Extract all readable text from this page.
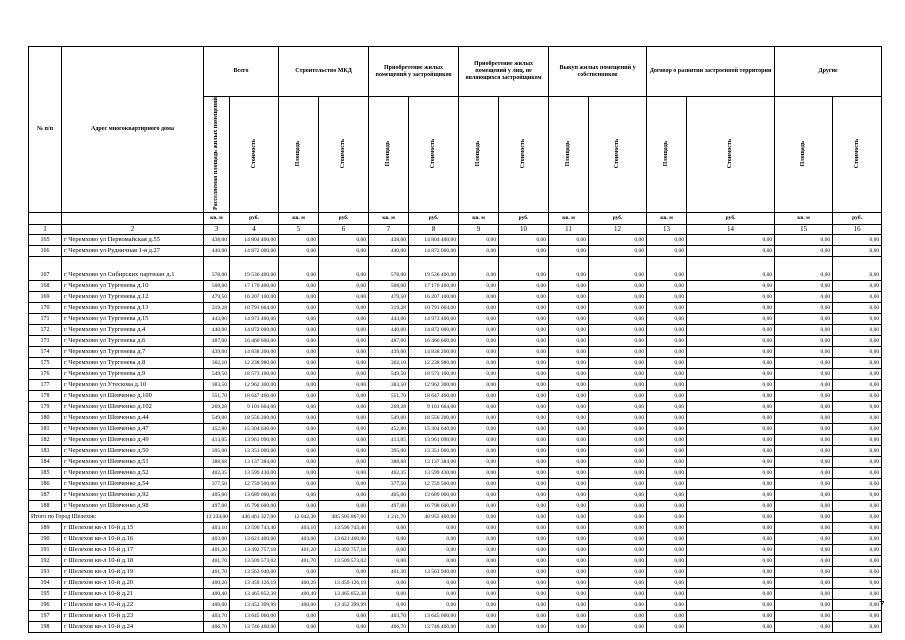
№ п/п	Адрес многоквартирного дома	Всего		Строительство МКД		Приобретение жилых помещений у застройщиков		Приобретение жилых помещений у лиц, не являющихся застройщиком		Выкуп жилых помещений у собственников		Договор о развитии застроенной территории		Другие	
		Расселяемая площадь жилых помещений	Стоимость	Площадь	Стоимость	Площадь	Стоимость	Площадь	Стоимость	Площадь	Стоимость	Площадь	Стоимость	Площадь	Стоимость
		кв. м	руб.	кв. м	руб.	кв. м	руб.	кв. м	руб.	кв. м	руб.	кв. м	руб.	кв. м	руб.
1	2	3	4	5	6	7	8	9	10	11	12	13	14	15	16
165	г Черемхово ул Первомайская д.55	438,00	14 804 400,00	0,00	0,00	438,00	14 804 400,00	0,00	0,00	0,00	0,00	0,00	0,00	0,00	0,00
166	г Черемхово ул Рудничная 1-я д.27	440,00	14 872 000,00	0,00	0,00	440,00	14 872 000,00	0,00	0,00	0,00	0,00	0,00	0,00	0,00	0,00
167	г Черемхово ул Сибирских партизан д.1	578,00	19 536 400,00	0,00	0,00	578,00	19 536 400,00	0,00	0,00	0,00	0,00	0,00	0,00	0,00	0,00
168	г Черемхово ул Тургенева д.10	508,00	17 170 400,00	0,00	0,00	508,00	17 170 400,00	0,00	0,00	0,00	0,00	0,00	0,00	0,00	0,00
169	г Черемхово ул Тургенева д.12	479,50	16 207 100,00	0,00	0,00	479,50	16 207 100,00	0,00	0,00	0,00	0,00	0,00	0,00	0,00	0,00
170	г Черемхово ул Тургенева д.13	319,28	10 791 664,00	0,00	0,00	319,28	10 791 664,00	0,00	0,00	0,00	0,00	0,00	0,00	0,00	0,00
171	г Черемхово ул Тургенева д.15	443,00	14 973 400,00	0,00	0,00	443,00	14 973 400,00	0,00	0,00	0,00	0,00	0,00	0,00	0,00	0,00
172	г Черемхово ул Тургенева д.4	440,00	14 872 000,00	0,00	0,00	440,00	14 872 000,00	0,00	0,00	0,00	0,00	0,00	0,00	0,00	0,00
173	г Черемхово ул Тургенева д.6	487,00	16 460 600,00	0,00	0,00	487,00	16 460 600,00	0,00	0,00	0,00	0,00	0,00	0,00	0,00	0,00
174	г Черемхово ул Тургенева д.7	439,00	14 838 200,00	0,00	0,00	439,00	14 838 200,00	0,00	0,00	0,00	0,00	0,00	0,00	0,00	0,00
175	г Черемхово ул Тургенева д.8	362,10	12 238 980,00	0,00	0,00	362,10	12 238 980,00	0,00	0,00	0,00	0,00	0,00	0,00	0,00	0,00
176	г Черемхово ул Тургенева д.9	549,50	18 573 100,00	0,00	0,00	549,50	18 573 100,00	0,00	0,00	0,00	0,00	0,00	0,00	0,00	0,00
177	г Черемхово ул Утескова д.10	383,50	12 962 300,00	0,00	0,00	383,50	12 962 300,00	0,00	0,00	0,00	0,00	0,00	0,00	0,00	0,00
178	г Черемхово ул Шевченко д.100	551,70	18 647 460,00	0,00	0,00	551,70	18 647 460,00	0,00	0,00	0,00	0,00	0,00	0,00	0,00	0,00
179	г Черемхово ул Шевченко д.102	269,28	9 101 664,00	0,00	0,00	269,28	9 101 664,00	0,00	0,00	0,00	0,00	0,00	0,00	0,00	0,00
180	г Черемхово ул Шевченко д.44	549,00	18 556 200,00	0,00	0,00	549,00	18 556 200,00	0,00	0,00	0,00	0,00	0,00	0,00	0,00	0,00
181	г Черемхово ул Шевченко д.47	452,80	15 304 640,00	0,00	0,00	452,80	15 304 640,00	0,00	0,00	0,00	0,00	0,00	0,00	0,00	0,00
182	г Черемхово ул Шевченко д.49	413,05	13 961 090,00	0,00	0,00	413,05	13 961 090,00	0,00	0,00	0,00	0,00	0,00	0,00	0,00	0,00
183	г Черемхово ул Шевченко д.50	395,00	13 351 000,00	0,00	0,00	395,00	13 351 000,00	0,00	0,00	0,00	0,00	0,00	0,00	0,00	0,00
184	г Черемхово ул Шевченко д.51	388,68	13 137 384,00	0,00	0,00	388,68	13 137 384,00	0,00	0,00	0,00	0,00	0,00	0,00	0,00	0,00
185	г Черемхово ул Шевченко д.52	402,35	13 599 430,00	0,00	0,00	402,35	13 599 430,00	0,00	0,00	0,00	0,00	0,00	0,00	0,00	0,00
186	г Черемхово ул Шевченко д.54	377,50	12 759 500,00	0,00	0,00	377,50	12 759 500,00	0,00	0,00	0,00	0,00	0,00	0,00	0,00	0,00
187	г Черемхово ул Шевченко д.92	405,00	13 689 000,00	0,00	0,00	405,00	13 689 000,00	0,00	0,00	0,00	0,00	0,00	0,00	0,00	0,00
188	г Черемхово ул Шевченко д.98	497,00	16 798 600,00	0,00	0,00	497,00	16 798 600,00	0,00	0,00	0,00	0,00	0,00	0,00	0,00	0,00
Итого по Город Шелехов:		13 234,00	446 461 327,00	12 042,30	405 505 867,00	1 211,70	40 955 460,00	0,00	0,00	0,00	0,00	0,00	0,00	0,00	0,00
189	г Шелехов кв-л 10-й д.15	403,10	13 590 743,40	403,10	13 590 743,40	0,00	0,00	0,00	0,00	0,00	0,00	0,00	0,00	0,00	0,00
190	г Шелехов кв-л 10-й д.16	403,00	13 621 400,00	403,00	13 621 400,00	0,00	0,00	0,00	0,00	0,00	0,00	0,00	0,00	0,00	0,00
191	г Шелехов кв-л 10-й д.17	401,20	13 492 757,18	401,20	13 492 757,18	0,00	0,00	0,00	0,00	0,00	0,00	0,00	0,00	0,00	0,00
192	г Шелехов кв-л 10-й д.18	401,70	13 509 573,02	401,70	13 509 573,02	0,00	0,00	0,00	0,00	0,00	0,00	0,00	0,00	0,00	0,00
193	г Шелехов кв-л 10-й д.19	401,70	13 563 940,00	0,00	0,00	401,30	13 563 940,00	0,00	0,00	0,00	0,00	0,00	0,00	0,00	0,00
194	г Шелехов кв-л 10-й д.20	400,20	13 459 126,19	400,20	13 459 126,19	0,00	0,00	0,00	0,00	0,00	0,00	0,00	0,00	0,00	0,00
195	г Шелехов кв-л 10-й д.21	400,40	13 465 852,38	400,40	13 465 852,38	0,00	0,00	0,00	0,00	0,00	0,00	0,00	0,00	0,00	0,00
196	г Шелехов кв-л 10-й д.22	400,00	13 452 399,99	400,00	13 452 399,99	0,00	0,00	0,00	0,00	0,00	0,00	0,00	0,00	0,00	0,00
197	г Шелехов кв-л 10-й д.23	403,70	13 645 060,00	0,00	0,00	403,70	13 645 060,00	0,00	0,00	0,00	0,00	0,00	0,00	0,00	0,00
198	г Шелехов кв-л 10-й д.24	406,70	13 746 460,00	0,00	0,00	406,70	13 746 460,00	0,00	0,00	0,00	0,00	0,00	0,00	0,00	0,00
7
